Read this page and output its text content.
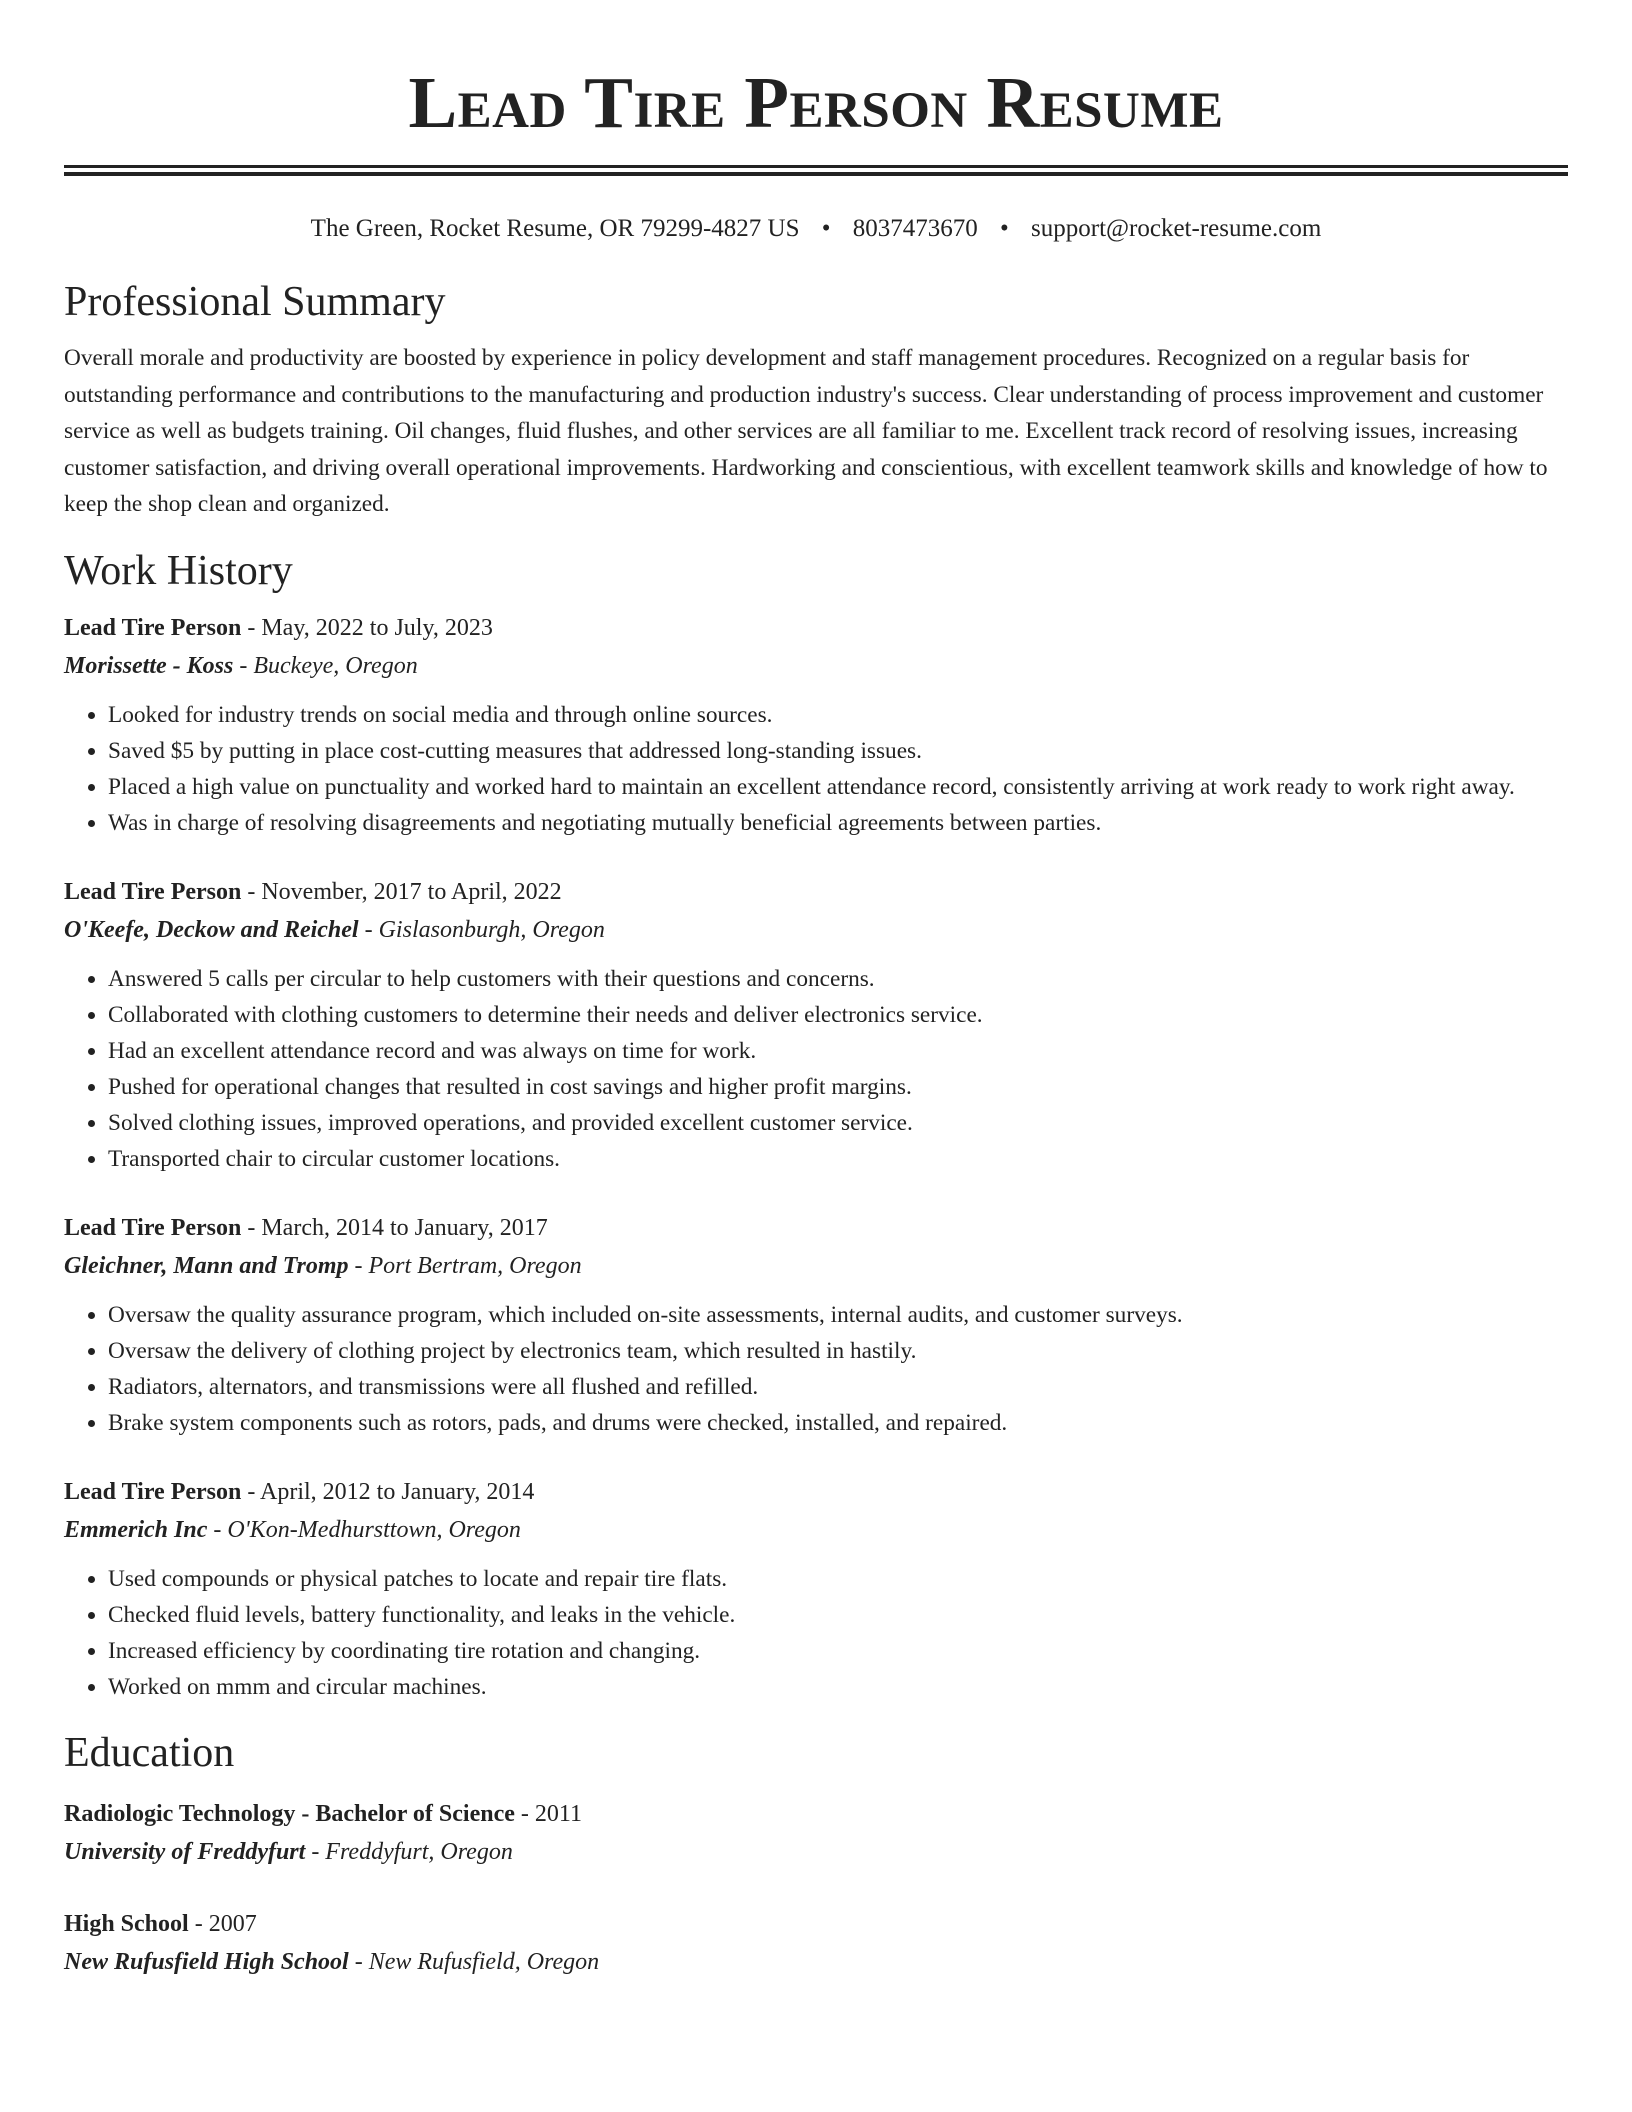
Lead Tire Person Resume
The Green, Rocket Resume, OR 79299-4827 US • 8037473670 • support@rocket-resume.com
Professional Summary

Overall morale and productivity are boosted by experience in policy development and staff management procedures. Recognized on a regular basis for outstanding performance and contributions to the manufacturing and production industry's success. Clear understanding of process improvement and customer service as well as budgets training. Oil changes, fluid flushes, and other services are all familiar to me. Excellent track record of resolving issues, increasing customer satisfaction, and driving overall operational improvements. Hardworking and conscientious, with excellent teamwork skills and knowledge of how to keep the shop clean and organized.

Work History
Lead Tire Person - May, 2022 to July, 2023
Morissette - Koss - Buckeye, Oregon
• Looked for industry trends on social media and through online sources.
• Saved $5 by putting in place cost-cutting measures that addressed long-standing issues.
• Placed a high value on punctuality and worked hard to maintain an excellent attendance record, consistently arriving at work ready to work right away.
• Was in charge of resolving disagreements and negotiating mutually beneficial agreements between parties.
Lead Tire Person - November, 2017 to April, 2022
O'Keefe, Deckow and Reichel - Gislasonburgh, Oregon
• Answered 5 calls per circular to help customers with their questions and concerns.
• Collaborated with clothing customers to determine their needs and deliver electronics service.
• Had an excellent attendance record and was always on time for work.
• Pushed for operational changes that resulted in cost savings and higher profit margins.
• Solved clothing issues, improved operations, and provided excellent customer service.
• Transported chair to circular customer locations.
Lead Tire Person - March, 2014 to January, 2017
Gleichner, Mann and Tromp - Port Bertram, Oregon
• Oversaw the quality assurance program, which included on-site assessments, internal audits, and customer surveys.
• Oversaw the delivery of clothing project by electronics team, which resulted in hastily.
• Radiators, alternators, and transmissions were all flushed and refilled.
• Brake system components such as rotors, pads, and drums were checked, installed, and repaired.
Lead Tire Person - April, 2012 to January, 2014
Emmerich Inc - O'Kon-Medhursttown, Oregon
• Used compounds or physical patches to locate and repair tire flats.
• Checked fluid levels, battery functionality, and leaks in the vehicle.
• Increased efficiency by coordinating tire rotation and changing.
• Worked on mmm and circular machines.
Education
Radiologic Technology - Bachelor of Science - 2011
University of Freddyfurt - Freddyfurt, Oregon
High School - 2007
New Rufusfield High School - New Rufusfield, Oregon
